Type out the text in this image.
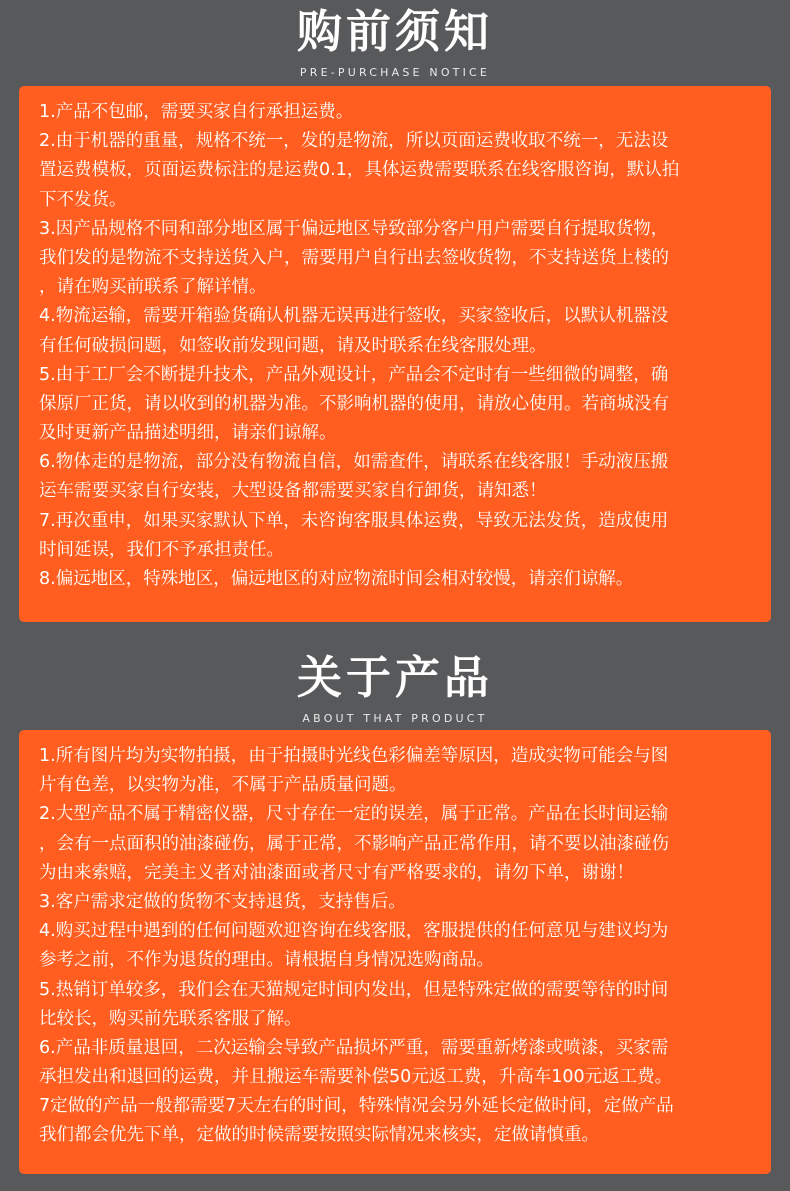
购前须知
PRE-PURCHASE NOTICE
1.产品不包邮，需要买家自行承担运费。
2.由于机器的重量，规格不统一，发的是物流，所以页面运费收取不统一，无法设
置运费模板，页面运费标注的是运费0.1，具体运费需要联系在线客服咨询，默认拍
下不发货。
3.因产品规格不同和部分地区属于偏远地区导致部分客户用户需要自行提取货物，
我们发的是物流不支持送货入户，需要用户自行出去签收货物，不支持送货上楼的
，请在购买前联系了解详情。
4.物流运输，需要开箱验货确认机器无误再进行签收，买家签收后，以默认机器没
有任何破损问题，如签收前发现问题，请及时联系在线客服处理。
5.由于工厂会不断提升技术，产品外观设计，产品会不定时有一些细微的调整，确
保原厂正货，请以收到的机器为准。不影响机器的使用，请放心使用。若商城没有
及时更新产品描述明细，请亲们谅解。
6.物体走的是物流，部分没有物流自信，如需查件，请联系在线客服！手动液压搬
运车需要买家自行安装，大型设备都需要买家自行卸货，请知悉！
7.再次重申，如果买家默认下单，未咨询客服具体运费，导致无法发货，造成使用
时间延误，我们不予承担责任。
8.偏远地区，特殊地区，偏远地区的对应物流时间会相对较慢，请亲们谅解。
关于产品
ABOUT THAT PRODUCT
1.所有图片均为实物拍摄，由于拍摄时光线色彩偏差等原因，造成实物可能会与图
片有色差，以实物为准，不属于产品质量问题。
2.大型产品不属于精密仪器，尺寸存在一定的误差，属于正常。产品在长时间运输
，会有一点面积的油漆碰伤，属于正常，不影响产品正常作用，请不要以油漆碰伤
为由来索赔，完美主义者对油漆面或者尺寸有严格要求的，请勿下单，谢谢！
3.客户需求定做的货物不支持退货，支持售后。
4.购买过程中遇到的任何问题欢迎咨询在线客服，客服提供的任何意见与建议均为
参考之前，不作为退货的理由。请根据自身情况选购商品。
5.热销订单较多，我们会在天猫规定时间内发出，但是特殊定做的需要等待的时间
比较长，购买前先联系客服了解。
6.产品非质量退回，二次运输会导致产品损坏严重，需要重新烤漆或喷漆，买家需
承担发出和退回的运费，并且搬运车需要补偿50元返工费，升高车100元返工费。
7定做的产品一般都需要7天左右的时间，特殊情况会另外延长定做时间，定做产品
我们都会优先下单，定做的时候需要按照实际情况来核实，定做请慎重。
